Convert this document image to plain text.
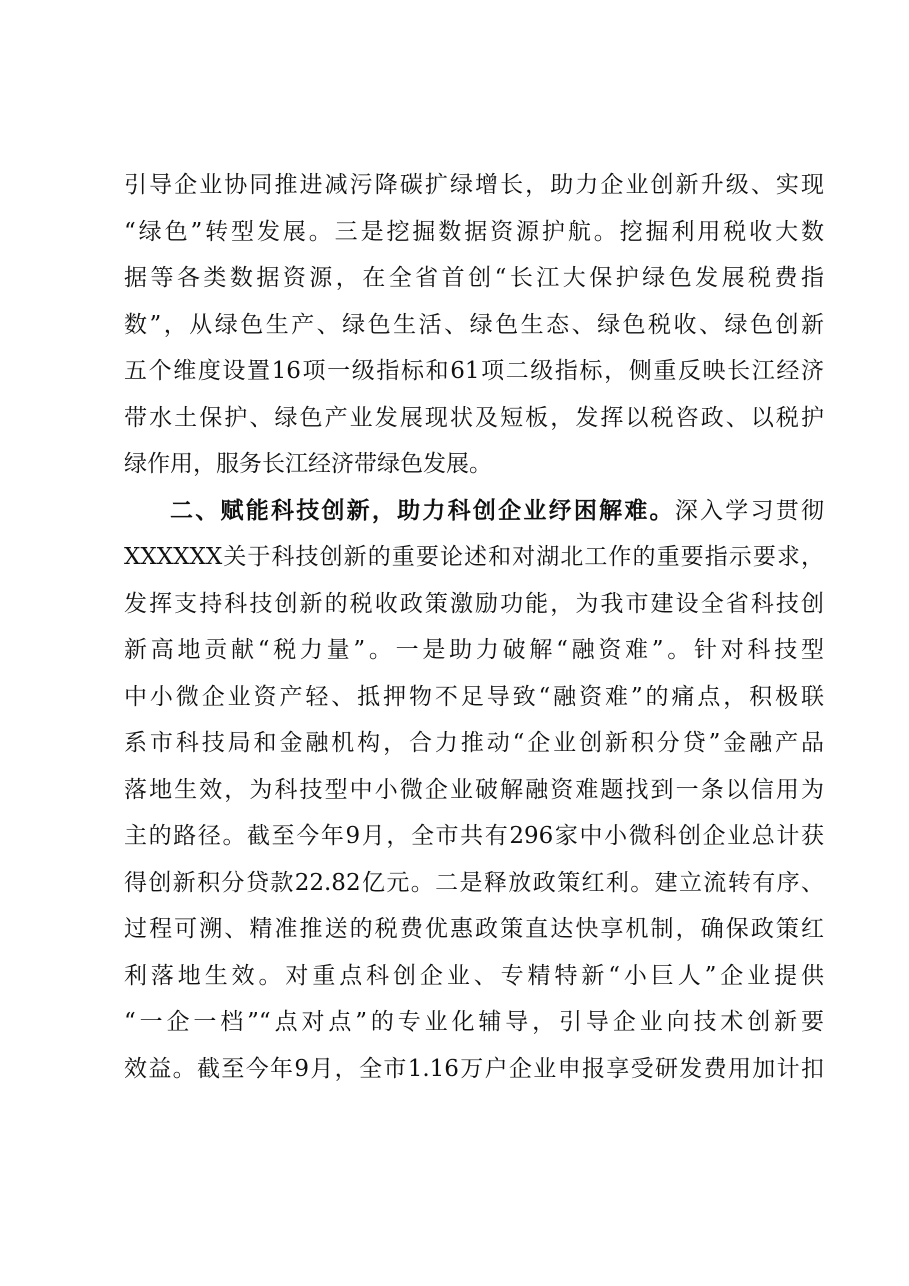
引导企业协同推进减污降碳扩绿增长，助力企业创新升级、实现
“绿色”转型发展。三是挖掘数据资源护航。挖掘利用税收大数
据等各类数据资源，在全省首创“长江大保护绿色发展税费指
数”，从绿色生产、绿色生活、绿色生态、绿色税收、绿色创新
五个维度设置16项一级指标和61项二级指标，侧重反映长江经济
带水土保护、绿色产业发展现状及短板，发挥以税咨政、以税护
绿作用，服务长江经济带绿色发展。
二、赋能科技创新，助力科创企业纾困解难。深入学习贯彻
XXXXXX关于科技创新的重要论述和对湖北工作的重要指示要求，
发挥支持科技创新的税收政策激励功能，为我市建设全省科技创
新高地贡献“税力量”。一是助力破解“融资难”。针对科技型
中小微企业资产轻、抵押物不足导致“融资难”的痛点，积极联
系市科技局和金融机构，合力推动“企业创新积分贷”金融产品
落地生效，为科技型中小微企业破解融资难题找到一条以信用为
主的路径。截至今年9月，全市共有296家中小微科创企业总计获
得创新积分贷款22.82亿元。二是释放政策红利。建立流转有序、
过程可溯、精准推送的税费优惠政策直达快享机制，确保政策红
利落地生效。对重点科创企业、专精特新“小巨人”企业提供
“一企一档”“点对点”的专业化辅导，引导企业向技术创新要
效益。截至今年9月，全市1.16万户企业申报享受研发费用加计扣
